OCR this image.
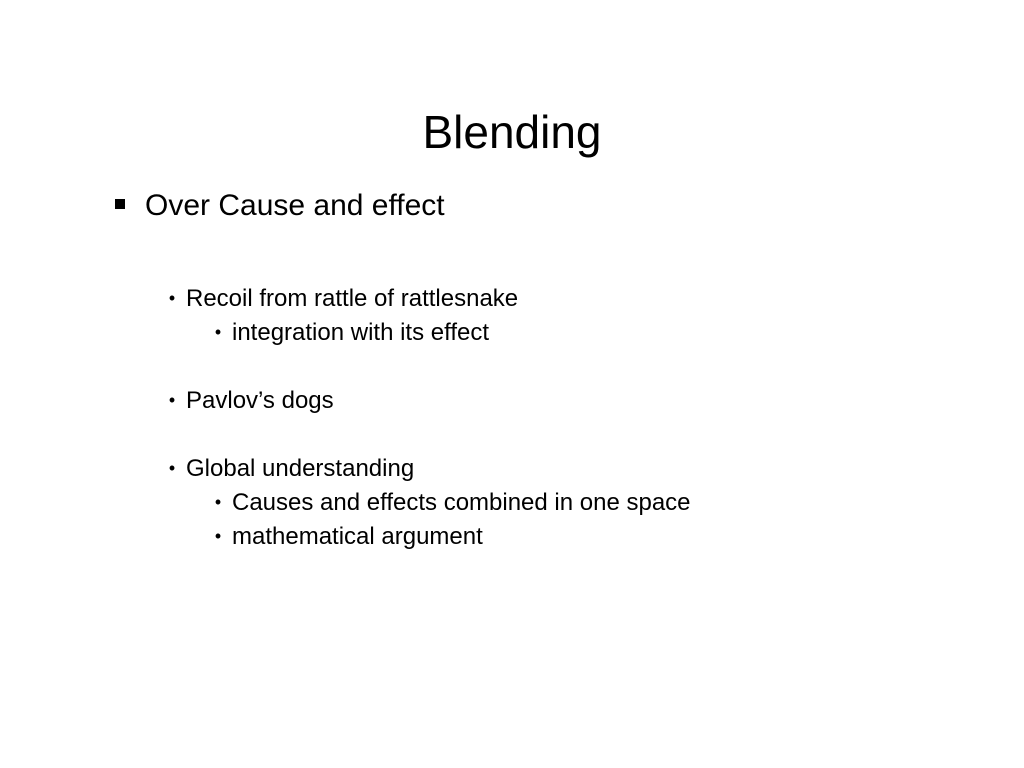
Blending
Over Cause and effect
• Recoil from rattle of rattlesnake
• integration with its effect
• Pavlov’s dogs
• Global understanding
• Causes and effects combined in one space
• mathematical argument
